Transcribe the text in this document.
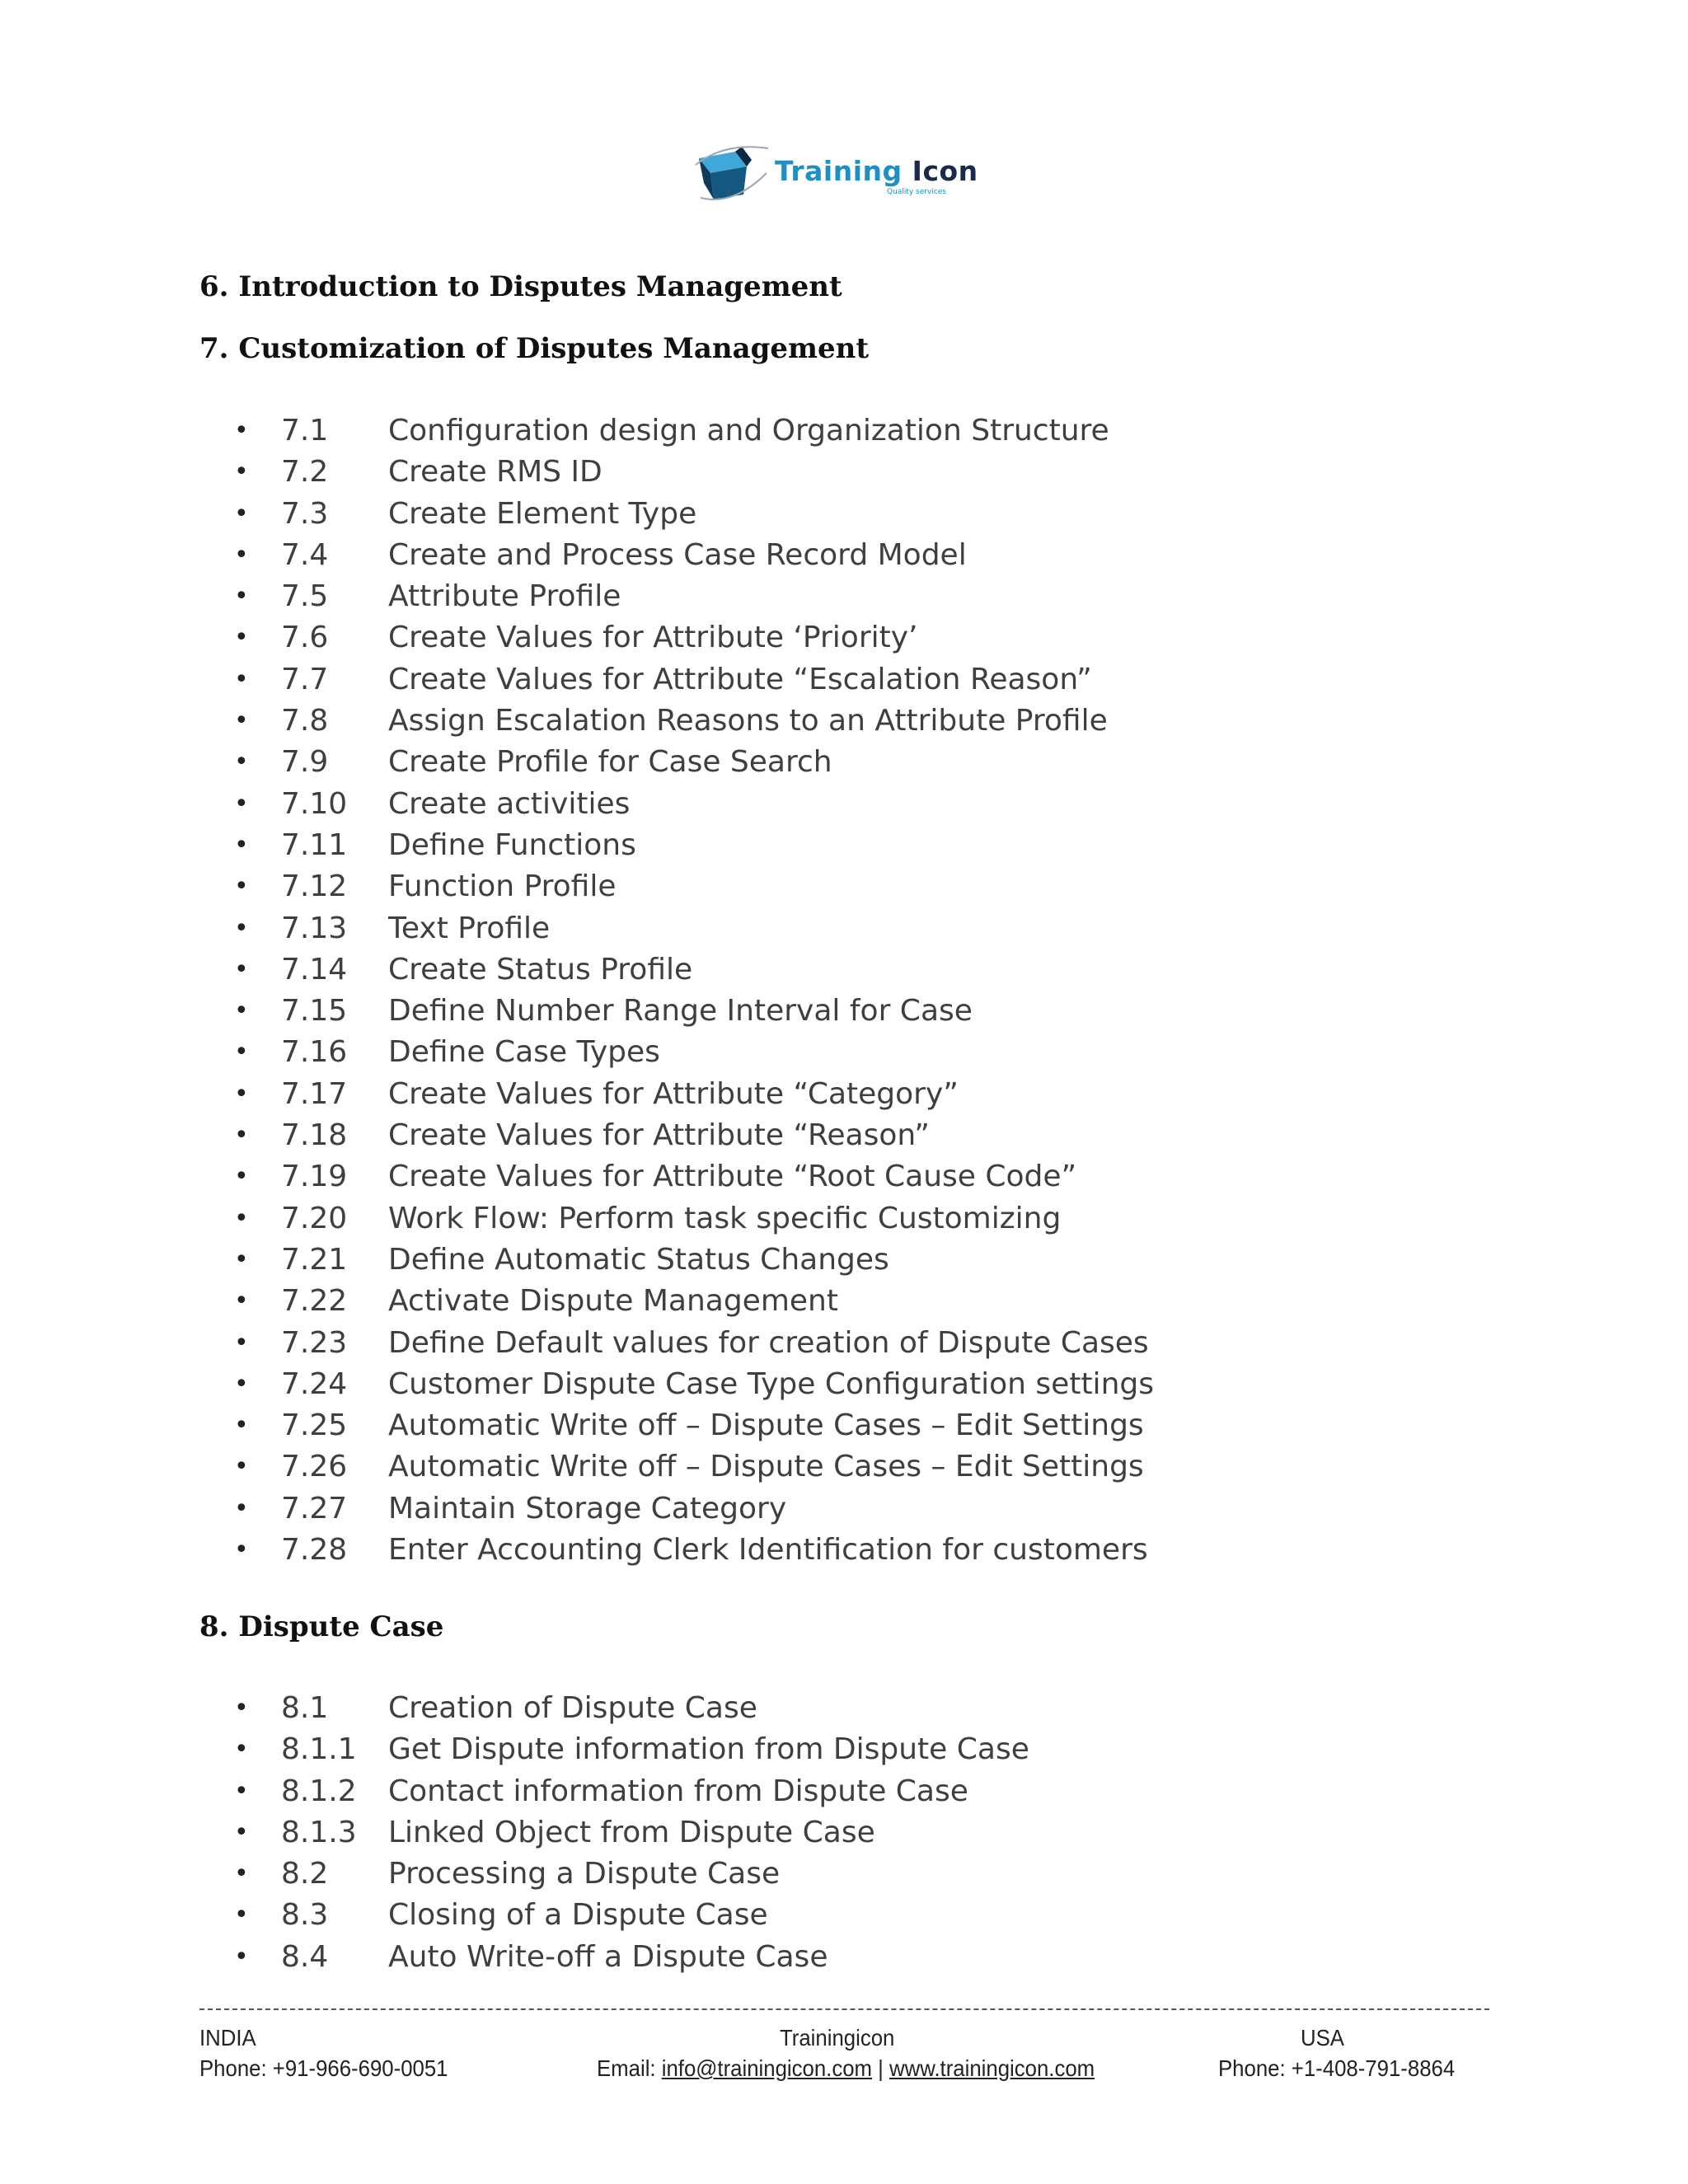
Training Icon
Quality services
6. Introduction to Disputes Management
7. Customization of Disputes Management
• 7.1 Configuration design and Organization Structure
• 7.2 Create RMS ID
• 7.3 Create Element Type
• 7.4 Create and Process Case Record Model
• 7.5 Attribute Profile
• 7.6 Create Values for Attribute ‘Priority’
• 7.7 Create Values for Attribute “Escalation Reason”
• 7.8 Assign Escalation Reasons to an Attribute Profile
• 7.9 Create Profile for Case Search
• 7.10 Create activities
• 7.11 Define Functions
• 7.12 Function Profile
• 7.13 Text Profile
• 7.14 Create Status Profile
• 7.15 Define Number Range Interval for Case
• 7.16 Define Case Types
• 7.17 Create Values for Attribute “Category”
• 7.18 Create Values for Attribute “Reason”
• 7.19 Create Values for Attribute “Root Cause Code”
• 7.20 Work Flow: Perform task specific Customizing
• 7.21 Define Automatic Status Changes
• 7.22 Activate Dispute Management
• 7.23 Define Default values for creation of Dispute Cases
• 7.24 Customer Dispute Case Type Configuration settings
• 7.25 Automatic Write off – Dispute Cases – Edit Settings
• 7.26 Automatic Write off – Dispute Cases – Edit Settings
• 7.27 Maintain Storage Category
• 7.28 Enter Accounting Clerk Identification for customers
8. Dispute Case
• 8.1 Creation of Dispute Case
• 8.1.1 Get Dispute information from Dispute Case
• 8.1.2 Contact information from Dispute Case
• 8.1.3 Linked Object from Dispute Case
• 8.2 Processing a Dispute Case
• 8.3 Closing of a Dispute Case
• 8.4 Auto Write-off a Dispute Case
INDIA
Phone: +91-966-690-0051
Trainingicon
Email: info@trainingicon.com | www.trainingicon.com
USA
Phone: +1-408-791-8864
